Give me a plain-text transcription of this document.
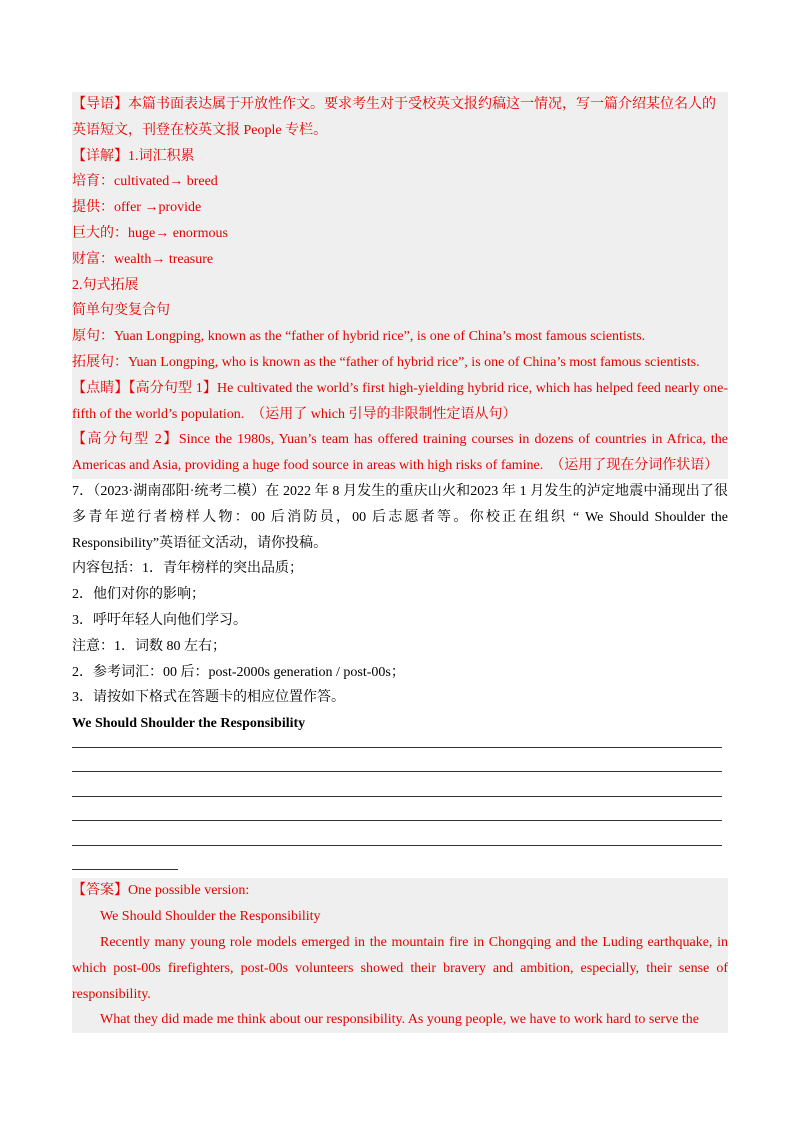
【导语】本篇书面表达属于开放性作文。要求考生对于受校英文报约稿这一情况，写一篇介绍某位名人的
英语短文，刊登在校英文报 People 专栏。
【详解】1.词汇积累
培育：cultivated→ breed
提供：offer →provide
巨大的：huge→ enormous
财富：wealth→ treasure
2.句式拓展
简单句变复合句
原句：Yuan Longping, known as the “father of hybrid rice”, is one of China’s most famous scientists.
拓展句：Yuan Longping, who is known as the “father of hybrid rice”, is one of China’s most famous scientists.
【点睛】【高分句型 1】He cultivated the world’s first high-yielding hybrid rice, which has helped feed nearly one-fifth of the world’s population. （运用了 which 引导的非限制性定语从句）
【高分句型 2】Since the 1980s, Yuan’s team has offered training courses in dozens of countries in Africa, the Americas and Asia, providing a huge food source in areas with high risks of famine. （运用了现在分词作状语）
7．（2023·湖南邵阳·统考二模）在 2022 年 8 月发生的重庆山火和2023 年 1 月发生的泸定地震中涌现出了很多青年逆行者榜样人物：00 后消防员，00 后志愿者等。你校正在组织 “ We Should Shoulder the Responsibility”英语征文活动，请你投稿。
内容包括：1．青年榜样的突出品质；
2．他们对你的影响；
3．呼吁年轻人向他们学习。
注意：1．词数 80 左右；
2．参考词汇：00 后：post-2000s generation / post-00s；
3．请按如下格式在答题卡的相应位置作答。
We Should Shoulder the Responsibility
【答案】One possible version:
We Should Shoulder the Responsibility
Recently many young role models emerged in the mountain fire in Chongqing and the Luding earthquake, in which post-00s firefighters, post-00s volunteers showed their bravery and ambition, especially, their sense of responsibility.
What they did made me think about our responsibility. As young people, we have to work hard to serve the
